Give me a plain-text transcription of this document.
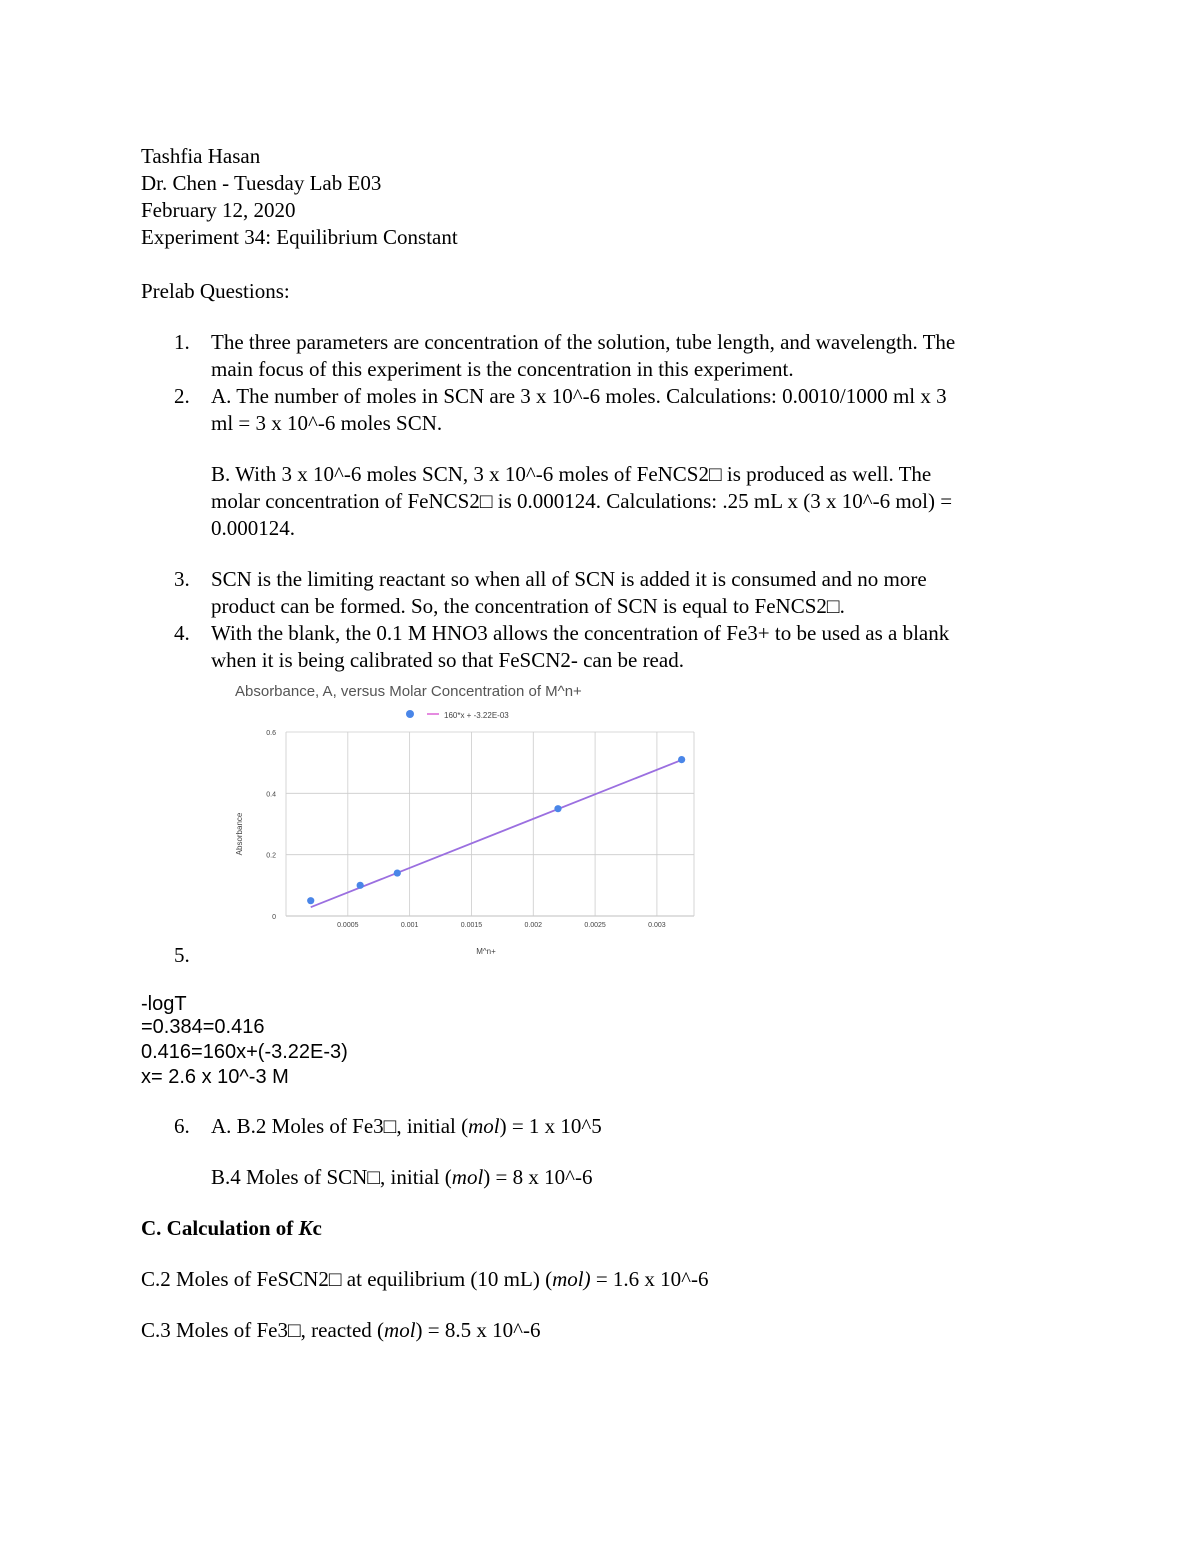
Tashfia Hasan
Dr. Chen - Tuesday Lab E03
February 12, 2020
Experiment 34: Equilibrium Constant
Prelab Questions:
1. The three parameters are concentration of the solution, tube length, and wavelength. The
main focus of this experiment is the concentration in this experiment.
2. A. The number of moles in SCN are 3 x 10^-6 moles. Calculations: 0.0010/1000 ml x 3
ml = 3 x 10^-6 moles SCN.
B. With 3 x 10^-6 moles SCN, 3 x 10^-6 moles of FeNCS2□ is produced as well. The
molar concentration of FeNCS2□ is 0.000124. Calculations: .25 mL x (3 x 10^-6 mol) =
0.000124.
3. SCN is the limiting reactant so when all of SCN is added it is consumed and no more
product can be formed. So, the concentration of SCN is equal to FeNCS2□.
4. With the blank, the 0.1 M HNO3 allows the concentration of Fe3+ to be used as a blank
when it is being calibrated so that FeSCN2- can be read.
Absorbance, A, versus Molar Concentration of M^n+
160*x + -3.22E-03
0
0.2
0.4
0.6
0.0005	0.001	0.0015	0.002	0.0025	0.003
M^n+
Absorbance
5.
-logT
=0.384=0.416
0.416=160x+(-3.22E-3)
x= 2.6 x 10^-3 M
6. A. B.2 Moles of Fe3□, initial (mol) = 1 x 10^5
B.4 Moles of SCN□, initial (mol) = 8 x 10^-6
C. Calculation of Kc
C.2 Moles of FeSCN2□ at equilibrium (10 mL) (mol) = 1.6 x 10^-6
C.3 Moles of Fe3□, reacted (mol) = 8.5 x 10^-6
